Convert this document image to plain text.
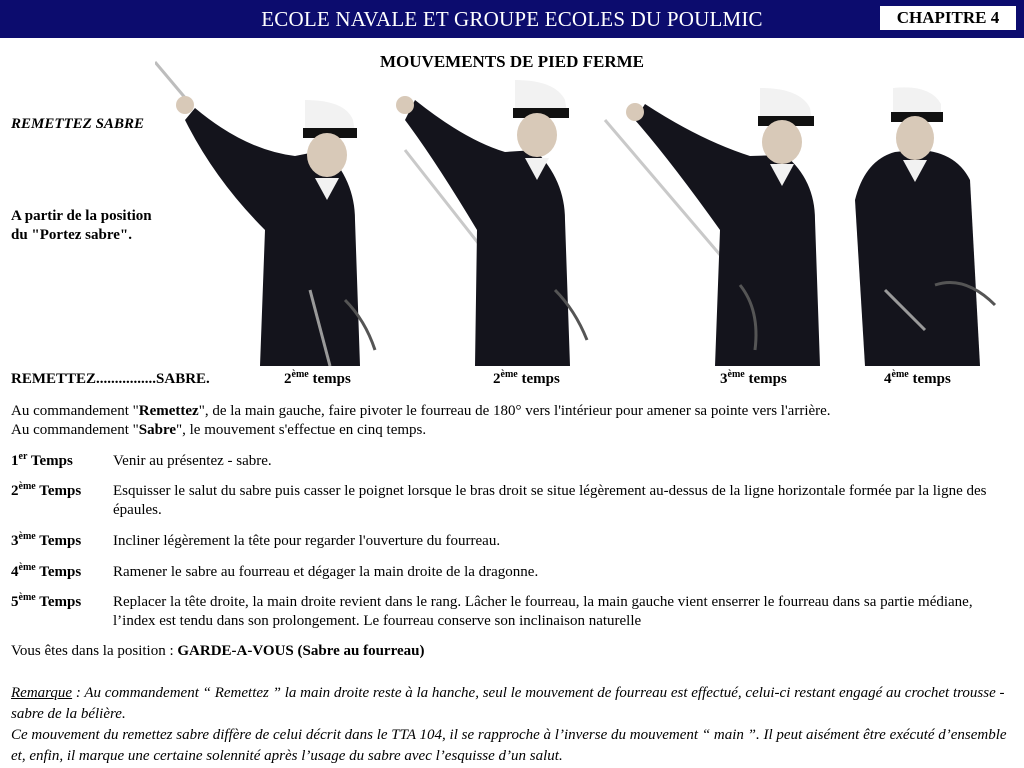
ECOLE NAVALE ET GROUPE ECOLES DU POULMIC	CHAPITRE 4
MOUVEMENTS DE PIED FERME
REMETTEZ SABRE
A partir de la position
du "Portez sabre".
REMETTEZ................SABRE.	2ème temps	2ème temps	3ème temps	4ème temps
Au commandement "Remettez", de la main gauche, faire pivoter le fourreau de 180° vers l'intérieur pour amener sa pointe vers l'arrière.
Au commandement "Sabre", le mouvement s'effectue en cinq temps.
1er Temps	Venir au présentez - sabre.
2ème Temps Esquisser le salut du sabre puis casser le poignet lorsque le bras droit se situe légèrement au-dessus de la ligne horizontale formée par la ligne des épaules.
3ème Temps Incliner légèrement la tête pour regarder l'ouverture du fourreau.
4ème Temps Ramener le sabre au fourreau et dégager la main droite de la dragonne.
5ème Temps Replacer la tête droite, la main droite revient dans le rang. Lâcher le fourreau, la main gauche vient enserrer le fourreau dans sa partie médiane, l’index est tendu dans son prolongement. Le fourreau conserve son inclinaison naturelle
Vous êtes dans la position : GARDE-A-VOUS (Sabre au fourreau)
Remarque : Au commandement “ Remettez ” la main droite reste à la hanche, seul le mouvement de fourreau est effectué, celui-ci restant engagé au crochet trousse - sabre de la bélière.
Ce mouvement du remettez sabre diffère de celui décrit dans le TTA 104, il se rapproche à l’inverse du mouvement “ main ”. Il peut aisément être exécuté d’ensemble et, enfin, il marque une certaine solennité après l’usage du sabre avec l’esquisse d’un salut.
